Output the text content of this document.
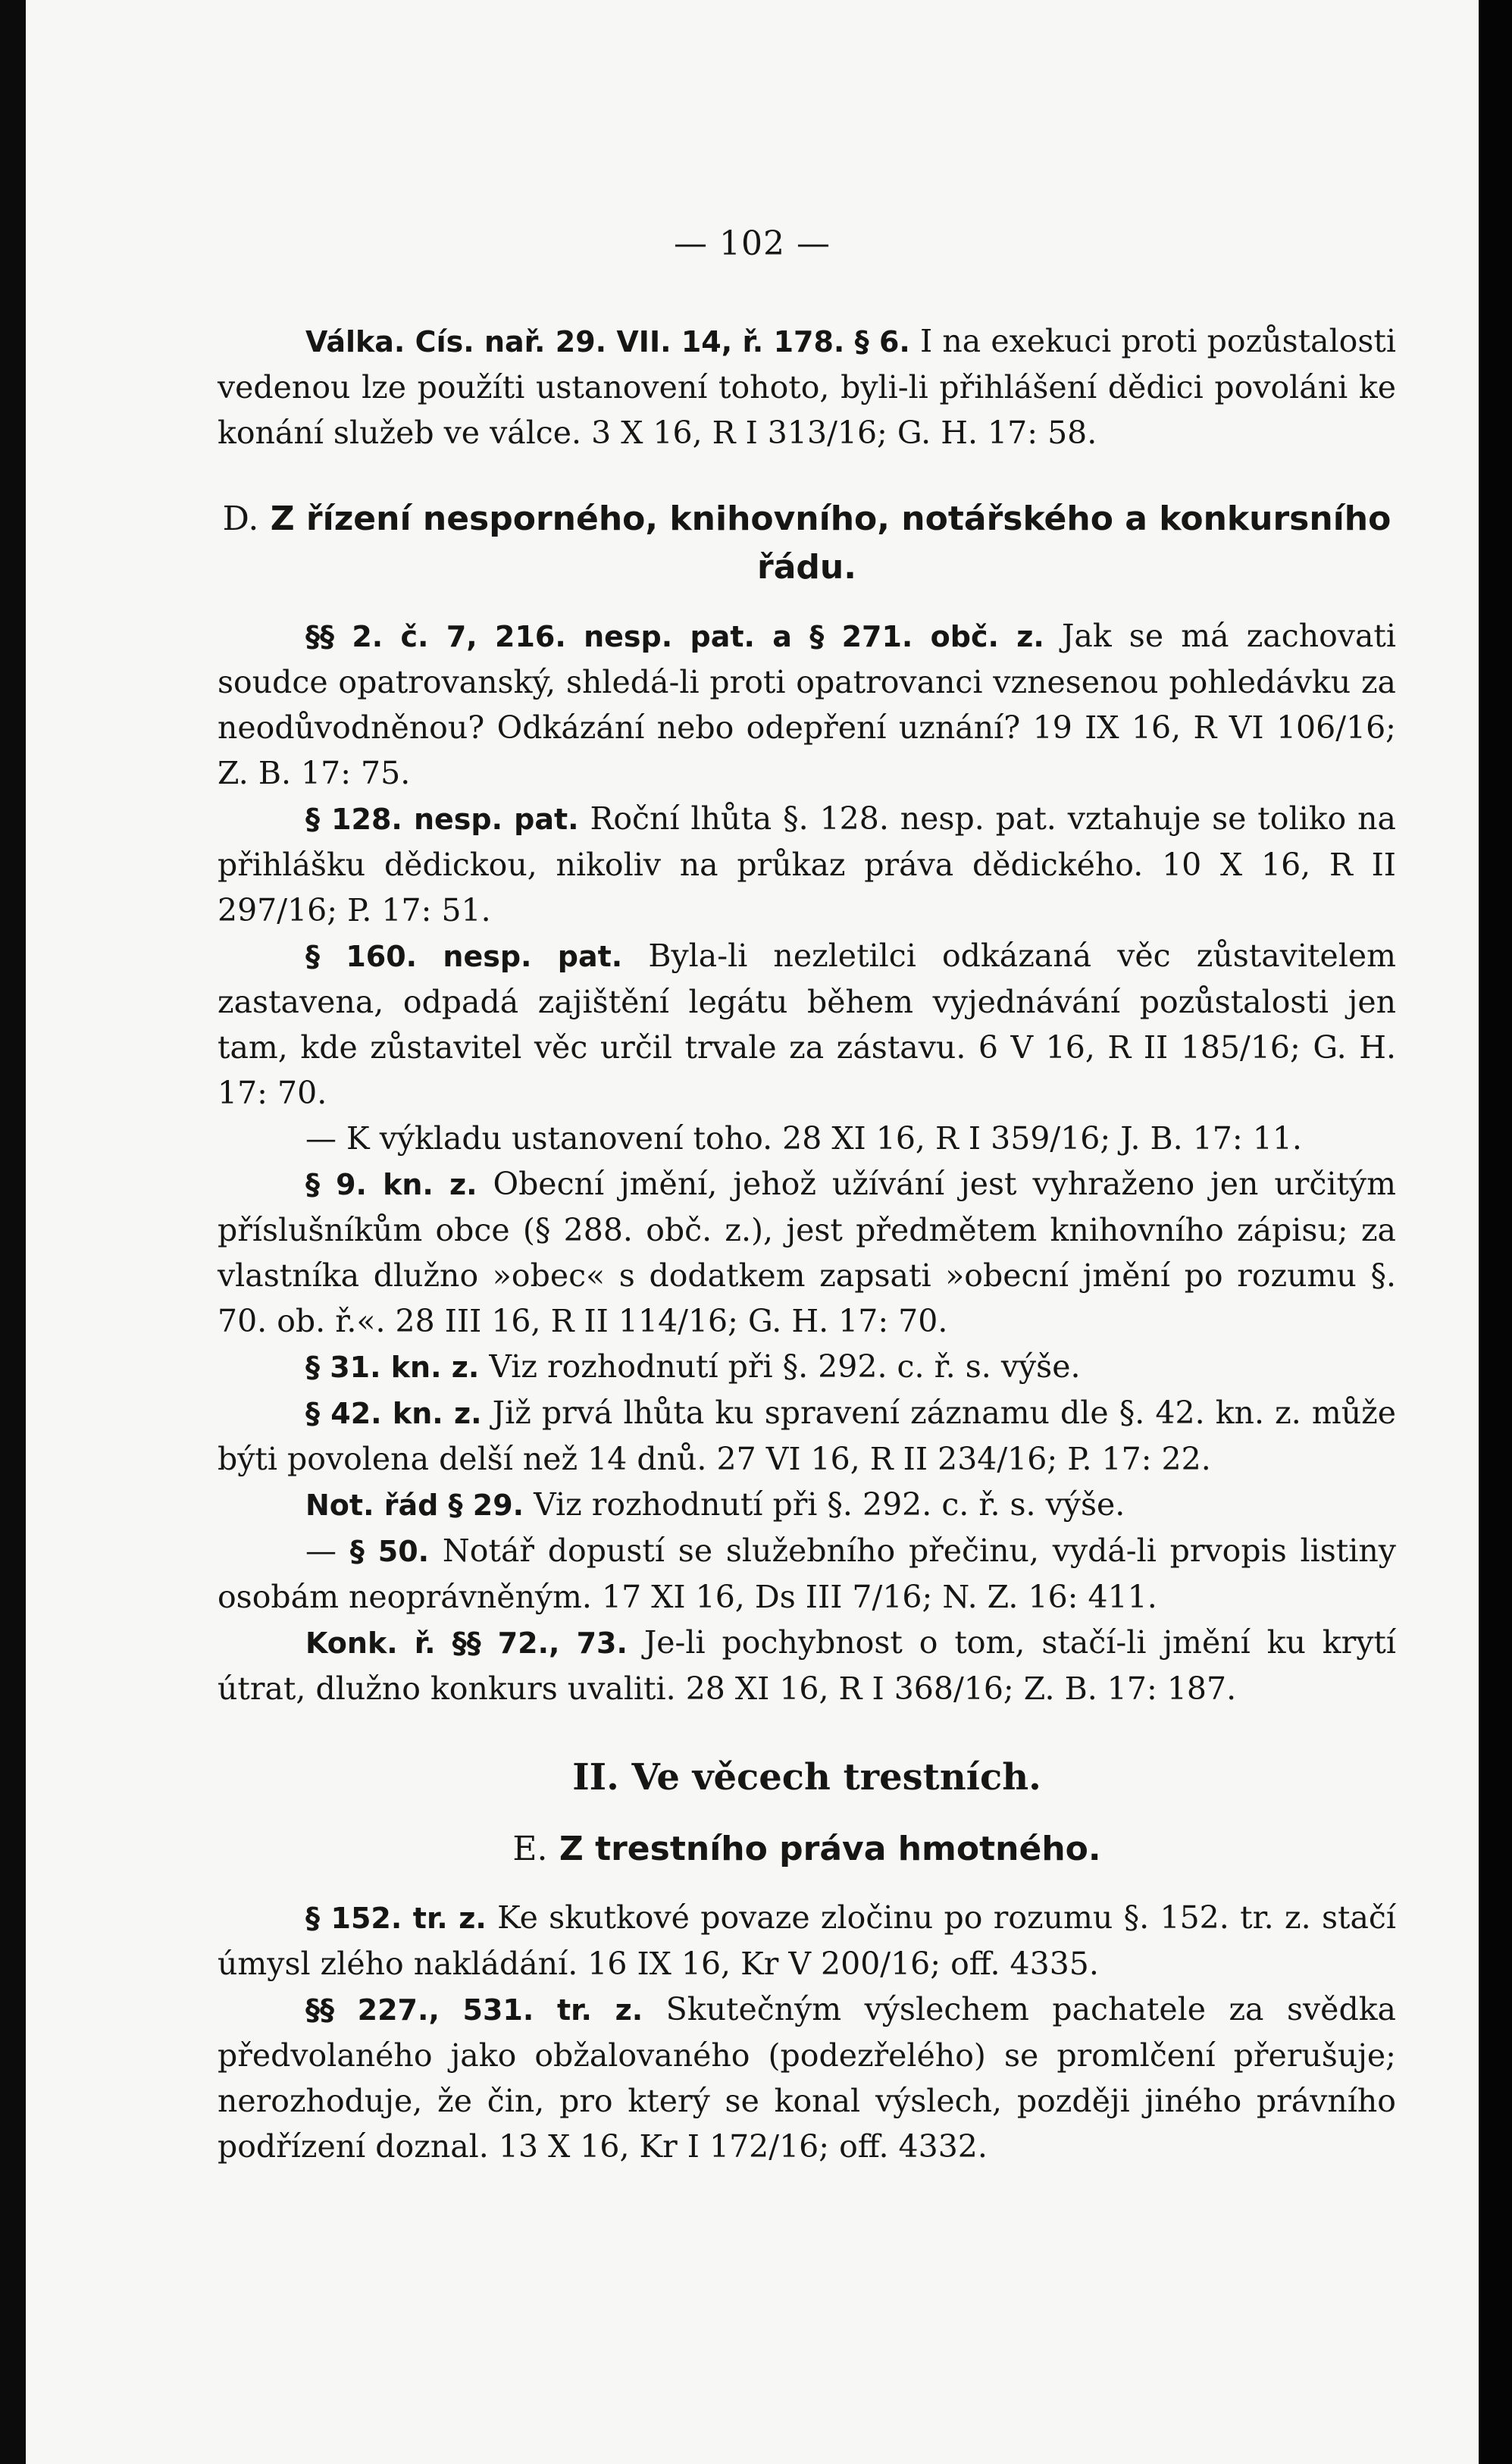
— 102 —

Válka. Cís. nař. 29. VII. 14, ř. 178. § 6. I na exekuci proti pozůstalosti vedenou lze použíti ustanovení tohoto, byli-li přihlášení dědici povoláni ke konání služeb ve válce. 3 X 16, R I 313/16; G. H. 17: 58.

D. Z řízení nesporného, knihovního, notářského a konkursního řádu.

§§ 2. č. 7, 216. nesp. pat. a § 271. obč. z. Jak se má zachovati soudce opatrovanský, shledá-li proti opatrovanci vznesenou pohledávku za neodůvodněnou? Odkázání nebo odepření uznání? 19 IX 16, R VI 106/16; Z. B. 17: 75.

§ 128. nesp. pat. Roční lhůta §. 128. nesp. pat. vztahuje se toliko na přihlášku dědickou, nikoliv na průkaz práva dědického. 10 X 16, R II 297/16; P. 17: 51.

§ 160. nesp. pat. Byla-li nezletilci odkázaná věc zůstavitelem zastavena, odpadá zajištění legátu během vyjednávání pozůstalosti jen tam, kde zůstavitel věc určil trvale za zástavu. 6 V 16, R II 185/16; G. H. 17: 70.

— K výkladu ustanovení toho. 28 XI 16, R I 359/16; J. B. 17: 11.

§ 9. kn. z. Obecní jmění, jehož užívání jest vyhraženo jen určitým příslušníkům obce (§ 288. obč. z.), jest předmětem knihovního zápisu; za vlastníka dlužno »obec« s dodatkem zapsati »obecní jmění po rozumu §. 70. ob. ř.«. 28 III 16, R II 114/16; G. H. 17: 70.

§ 31. kn. z. Viz rozhodnutí při §. 292. c. ř. s. výše.

§ 42. kn. z. Již prvá lhůta ku spravení záznamu dle §. 42. kn. z. může býti povolena delší než 14 dnů. 27 VI 16, R II 234/16; P. 17: 22.

Not. řád § 29. Viz rozhodnutí při §. 292. c. ř. s. výše.

— § 50. Notář dopustí se služebního přečinu, vydá-li prvopis listiny osobám neoprávněným. 17 XI 16, Ds III 7/16; N. Z. 16: 411.

Konk. ř. §§ 72., 73. Je-li pochybnost o tom, stačí-li jmění ku krytí útrat, dlužno konkurs uvaliti. 28 XI 16, R I 368/16; Z. B. 17: 187.

II. Ve věcech trestních.
E. Z trestního práva hmotného.

§ 152. tr. z. Ke skutkové povaze zločinu po rozumu §. 152. tr. z. stačí úmysl zlého nakládání. 16 IX 16, Kr V 200/16; off. 4335.

§§ 227., 531. tr. z. Skutečným výslechem pachatele za svědka předvolaného jako obžalovaného (podezřelého) se promlčení přerušuje; nerozhoduje, že čin, pro který se konal výslech, později jiného právního podřízení doznal. 13 X 16, Kr I 172/16; off. 4332.
